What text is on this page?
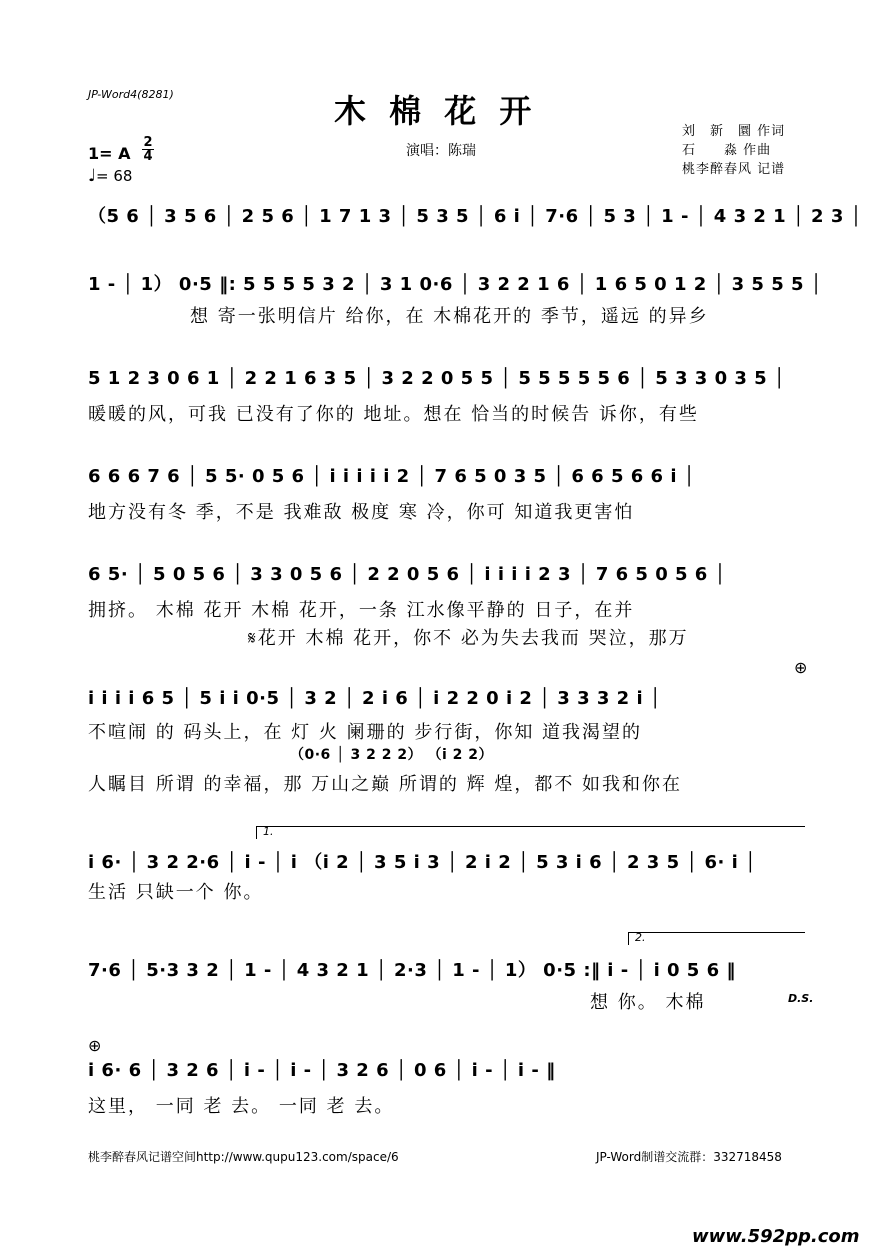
JP-Word4(8281)	木 棉 花 开
演唱：陈瑞
1= A
2
4
♩= 68
刘　新　圜 作词
石　　淼 作曲
桃李醉春风 记谱
（5 6 │ 3 5 6 │ 2 5 6 │ 1 7 1 3 │ 5 3 5 │ 6 i │ 7·6 │ 5 3 │ 1 - │ 4 3 2 1 │ 2 3 │
1 - │ 1） 0·5 ‖: 5 5 5 5 3 2 │ 3 1 0·6 │ 3 2 2 1 6 │ 1 6 5 0 1 2 │ 3 5 5 5 │
想 寄一张明信片 给你，在 木棉花开的 季节，遥远 的异乡
5 1 2 3 0 6 1 │ 2 2 1 6 3 5 │ 3 2 2 0 5 5 │ 5 5 5 5 5 6 │ 5 3 3 0 3 5 │
暖暖的风，可我 已没有了你的 地址。想在 恰当的时候告 诉你，有些
6 6 6 7 6 │ 5 5· 0 5 6 │ i i i i i 2 │ 7 6 5 0 3 5 │ 6 6 5 6 6 i │
地方没有冬 季，不是 我难敌 极度 寒 冷，你可 知道我更害怕
6 5· │ 5 0 5 6 │ 3 3 0 5 6 │ 2 2 0 5 6 │ i i i i 2 3 │ 7 6 5 0 5 6 │
拥挤。 木棉 花开 木棉 花开，一条 江水像平静的 日子，在并
𝄋花开 木棉 花开，你不 必为失去我而 哭泣，那万
⊕
i i i i 6 5 │ 5 i i 0·5 │ 3 2 │ 2 i 6 │ i 2 2 0 i 2 │ 3 3 3 2 i │
不喧闹 的 码头上，在 灯 火 阑珊的 步行街，你知 道我渴望的
（0·6 │ 3 2 2 2） （i 2 2）
人瞩目 所谓 的幸福，那 万山之巅 所谓的 辉 煌，都不 如我和你在
1.
i 6· │ 3 2 2·6 │ i - │ i （i 2 │ 3 5 i 3 │ 2 i 2 │ 5 3 i 6 │ 2 3 5 │ 6· i │
生活 只缺一个 你。
2.
7·6 │ 5·3 3 2 │ 1 - │ 4 3 2 1 │ 2·3 │ 1 - │ 1） 0·5 :‖ i - │ i 0 5 6 ‖
想 你。 木棉	D.S.
⊕
i 6· 6 │ 3 2 6 │ i - │ i - │ 3 2 6 │ 0 6 │ i - │ i - ‖
这里， 一同 老 去。 一同 老 去。
桃李醉春风记谱空间http://www.qupu123.com/space/6	JP-Word制谱交流群：332718458
www.592pp.com
